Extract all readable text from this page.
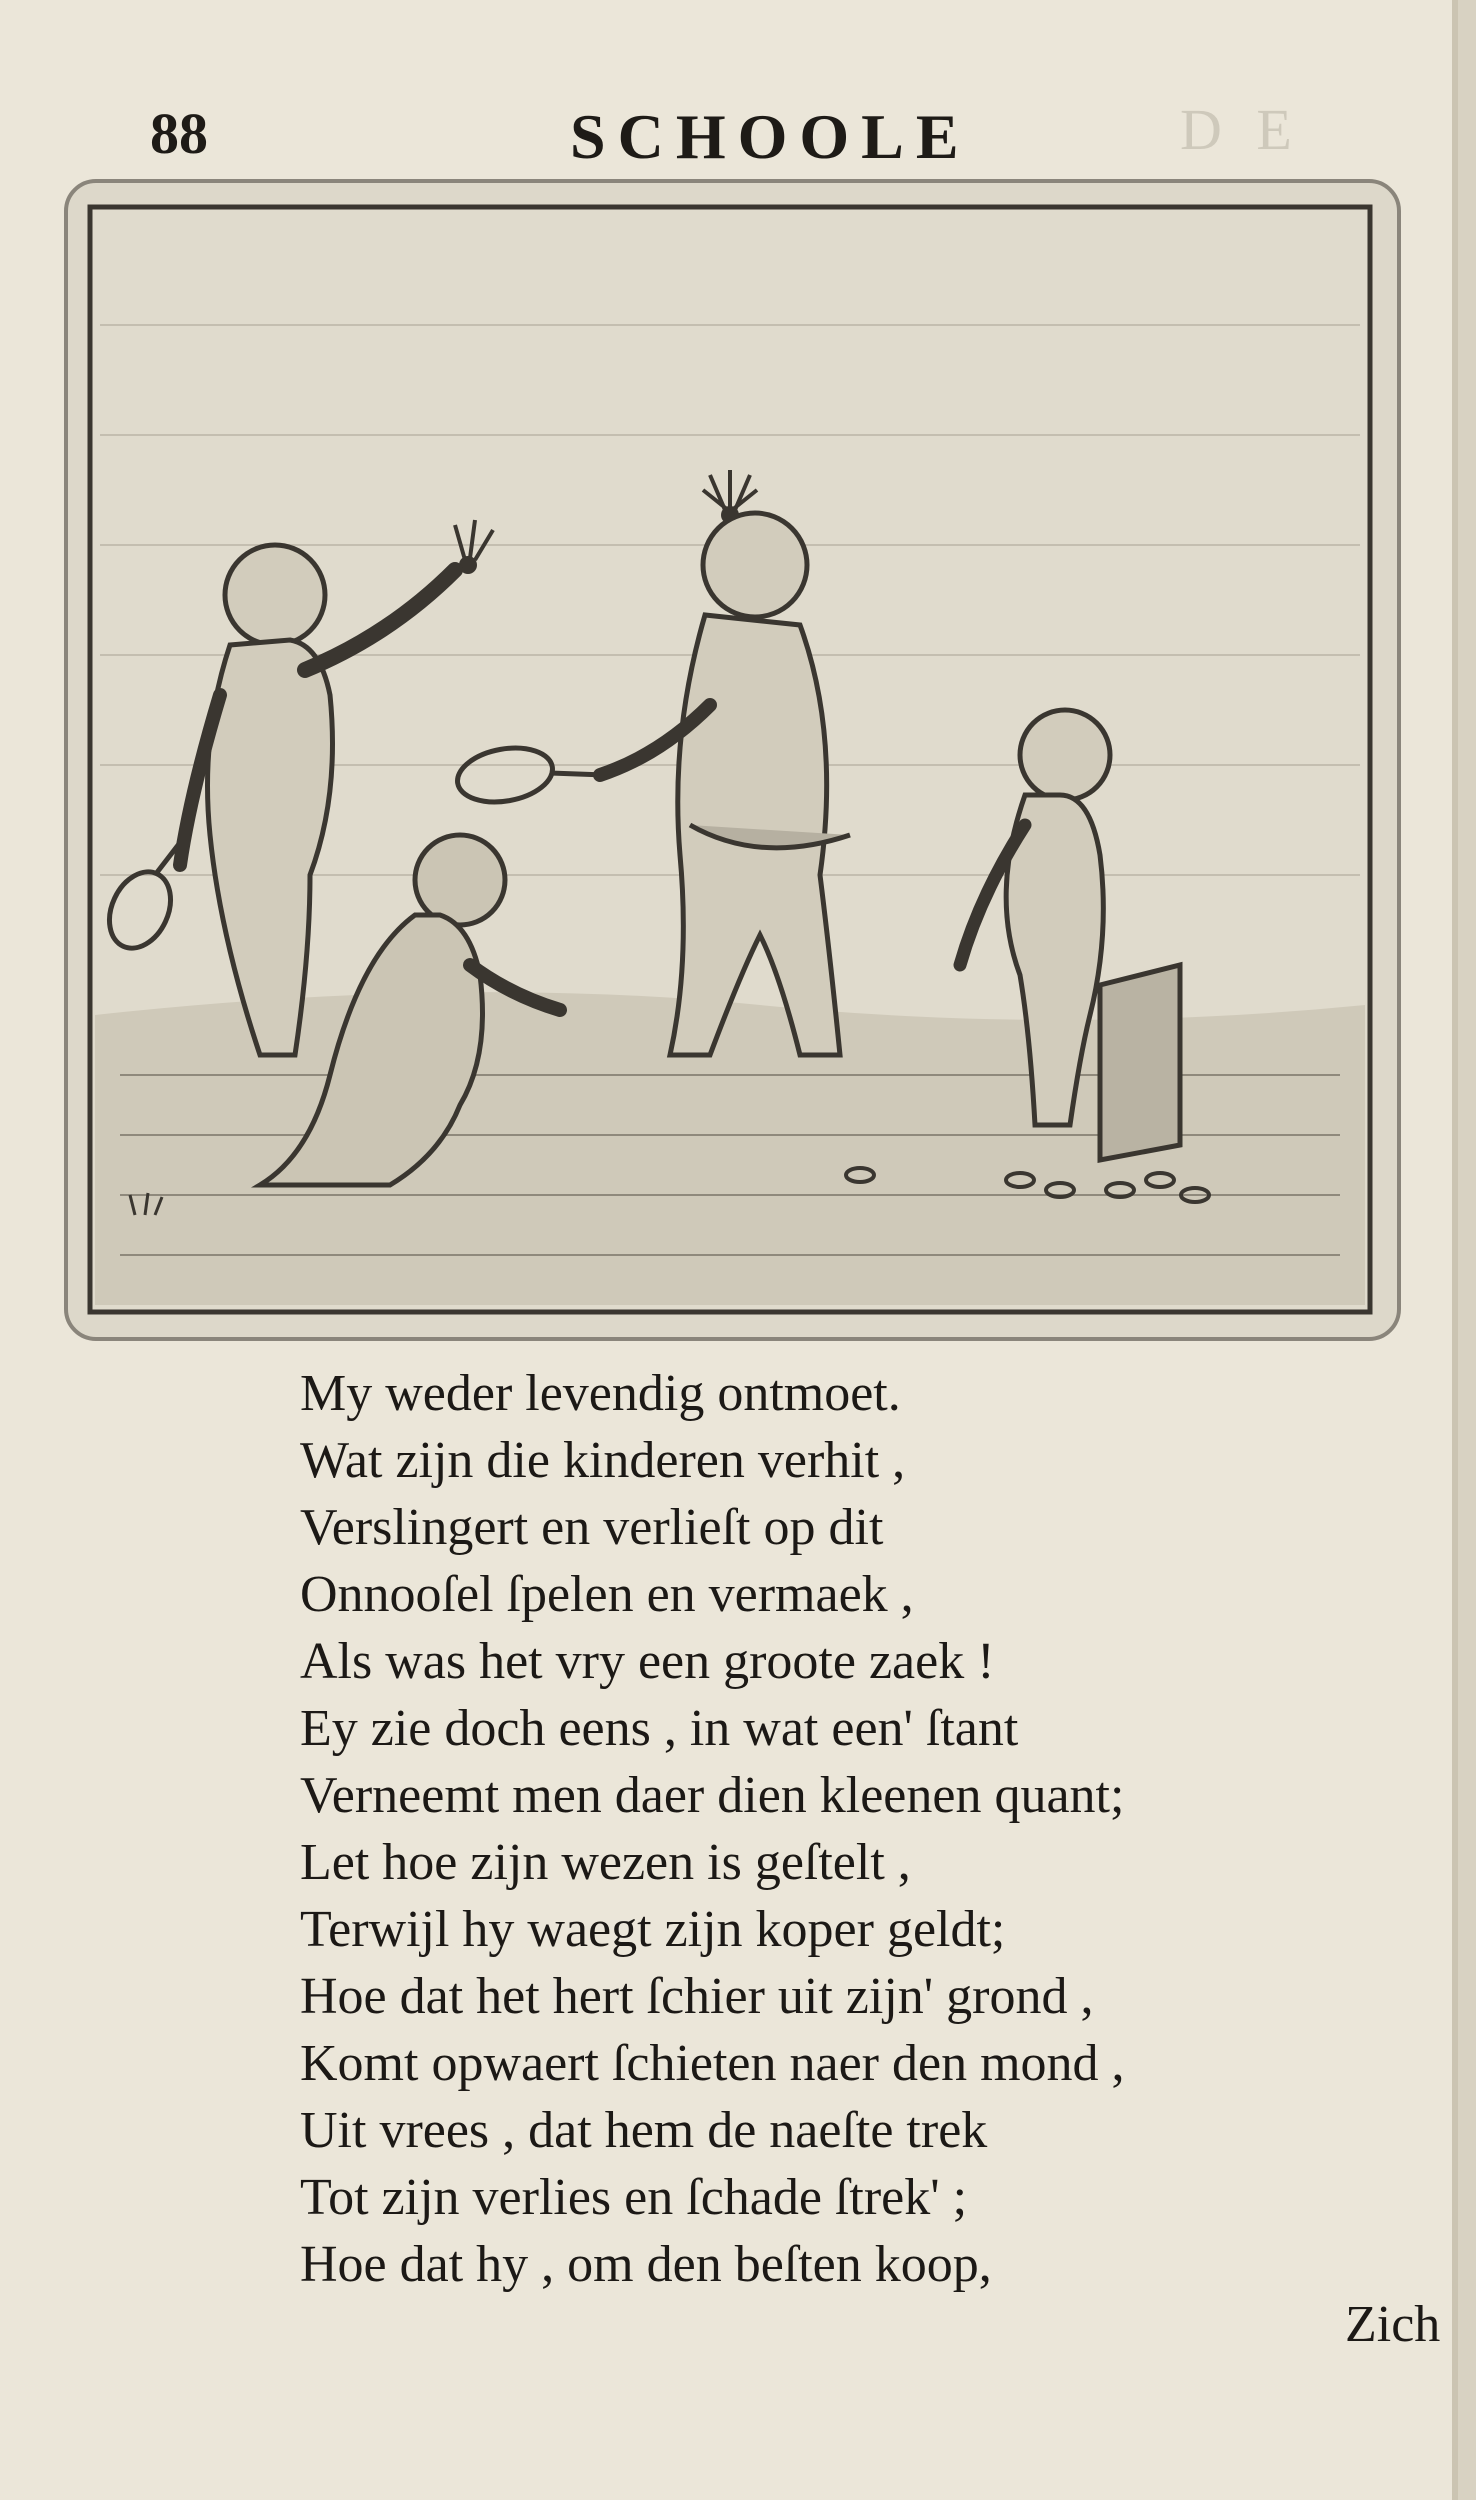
D E
88	SCHOOLE
My weder levendig ontmoet.
Wat zijn die kinderen verhit ,
Verslingert en verlieſt op dit
Onnooſel ſpelen en vermaek ,
Als was het vry een groote zaek !
Ey zie doch eens , in wat een' ſtant
Verneemt men daer dien kleenen quant;
Let hoe zijn wezen is geſtelt ,
Terwijl hy waegt zijn koper geldt;
Hoe dat het hert ſchier uit zijn' grond ,
Komt opwaert ſchieten naer den mond ,
Uit vrees , dat hem de naeſte trek
Tot zijn verlies en ſchade ſtrek' ;
Hoe dat hy , om den beſten koop,
Zich
